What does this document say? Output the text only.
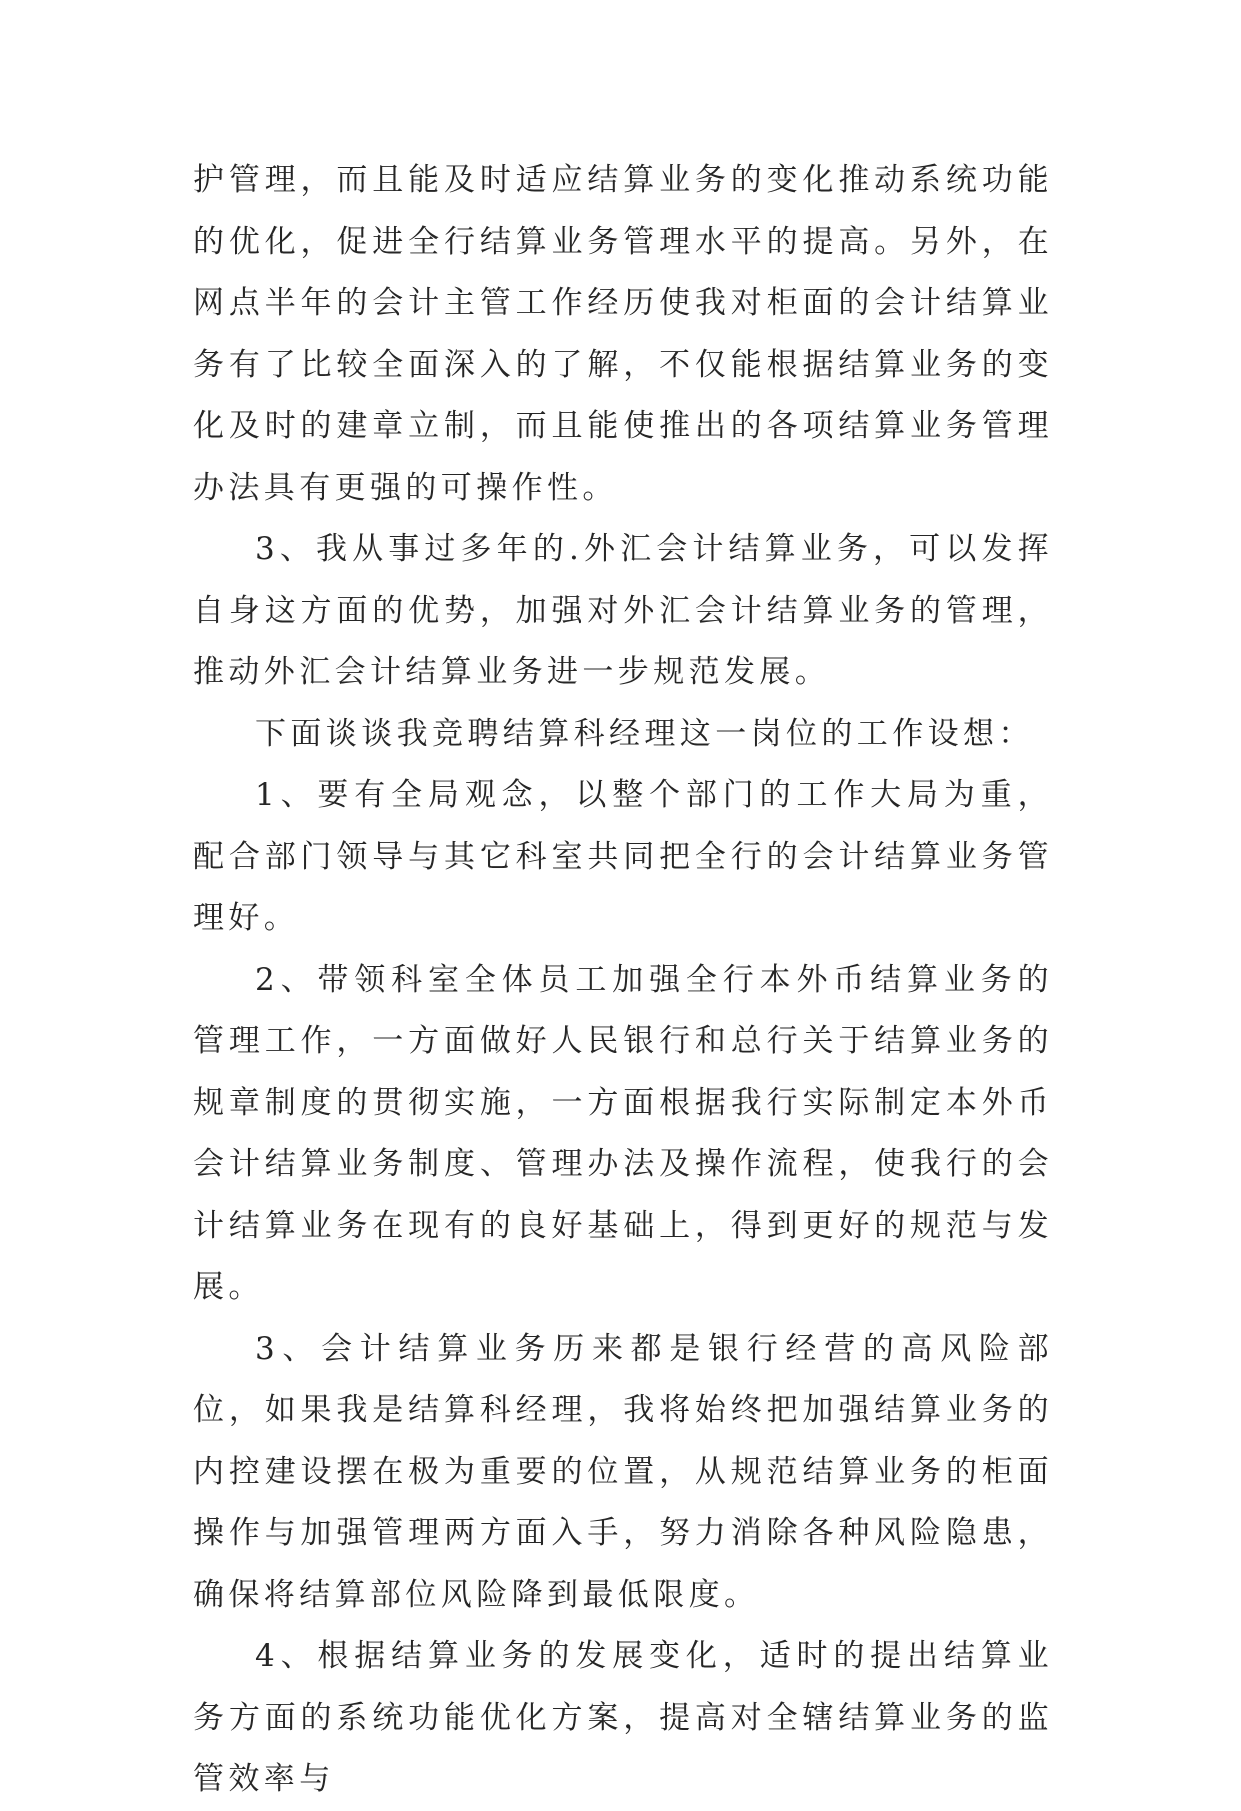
护管理，而且能及时适应结算业务的变化推动系统功能的优化，促进全行结算业务管理水平的提高。另外，在网点半年的会计主管工作经历使我对柜面的会计结算业务有了比较全面深入的了解，不仅能根据结算业务的变化及时的建章立制，而且能使推出的各项结算业务管理办法具有更强的可操作性。

3、我从事过多年的.外汇会计结算业务，可以发挥自身这方面的优势，加强对外汇会计结算业务的管理，推动外汇会计结算业务进一步规范发展。

下面谈谈我竞聘结算科经理这一岗位的工作设想：

1、要有全局观念，以整个部门的工作大局为重，配合部门领导与其它科室共同把全行的会计结算业务管理好。

2、带领科室全体员工加强全行本外币结算业务的管理工作，一方面做好人民银行和总行关于结算业务的规章制度的贯彻实施，一方面根据我行实际制定本外币会计结算业务制度、管理办法及操作流程，使我行的会计结算业务在现有的良好基础上，得到更好的规范与发展。

3、会计结算业务历来都是银行经营的高风险部位，如果我是结算科经理，我将始终把加强结算业务的内控建设摆在极为重要的位置，从规范结算业务的柜面操作与加强管理两方面入手，努力消除各种风险隐患，确保将结算部位风险降到最低限度。

4、根据结算业务的发展变化，适时的提出结算业务方面的系统功能优化方案，提高对全辖结算业务的监管效率与
